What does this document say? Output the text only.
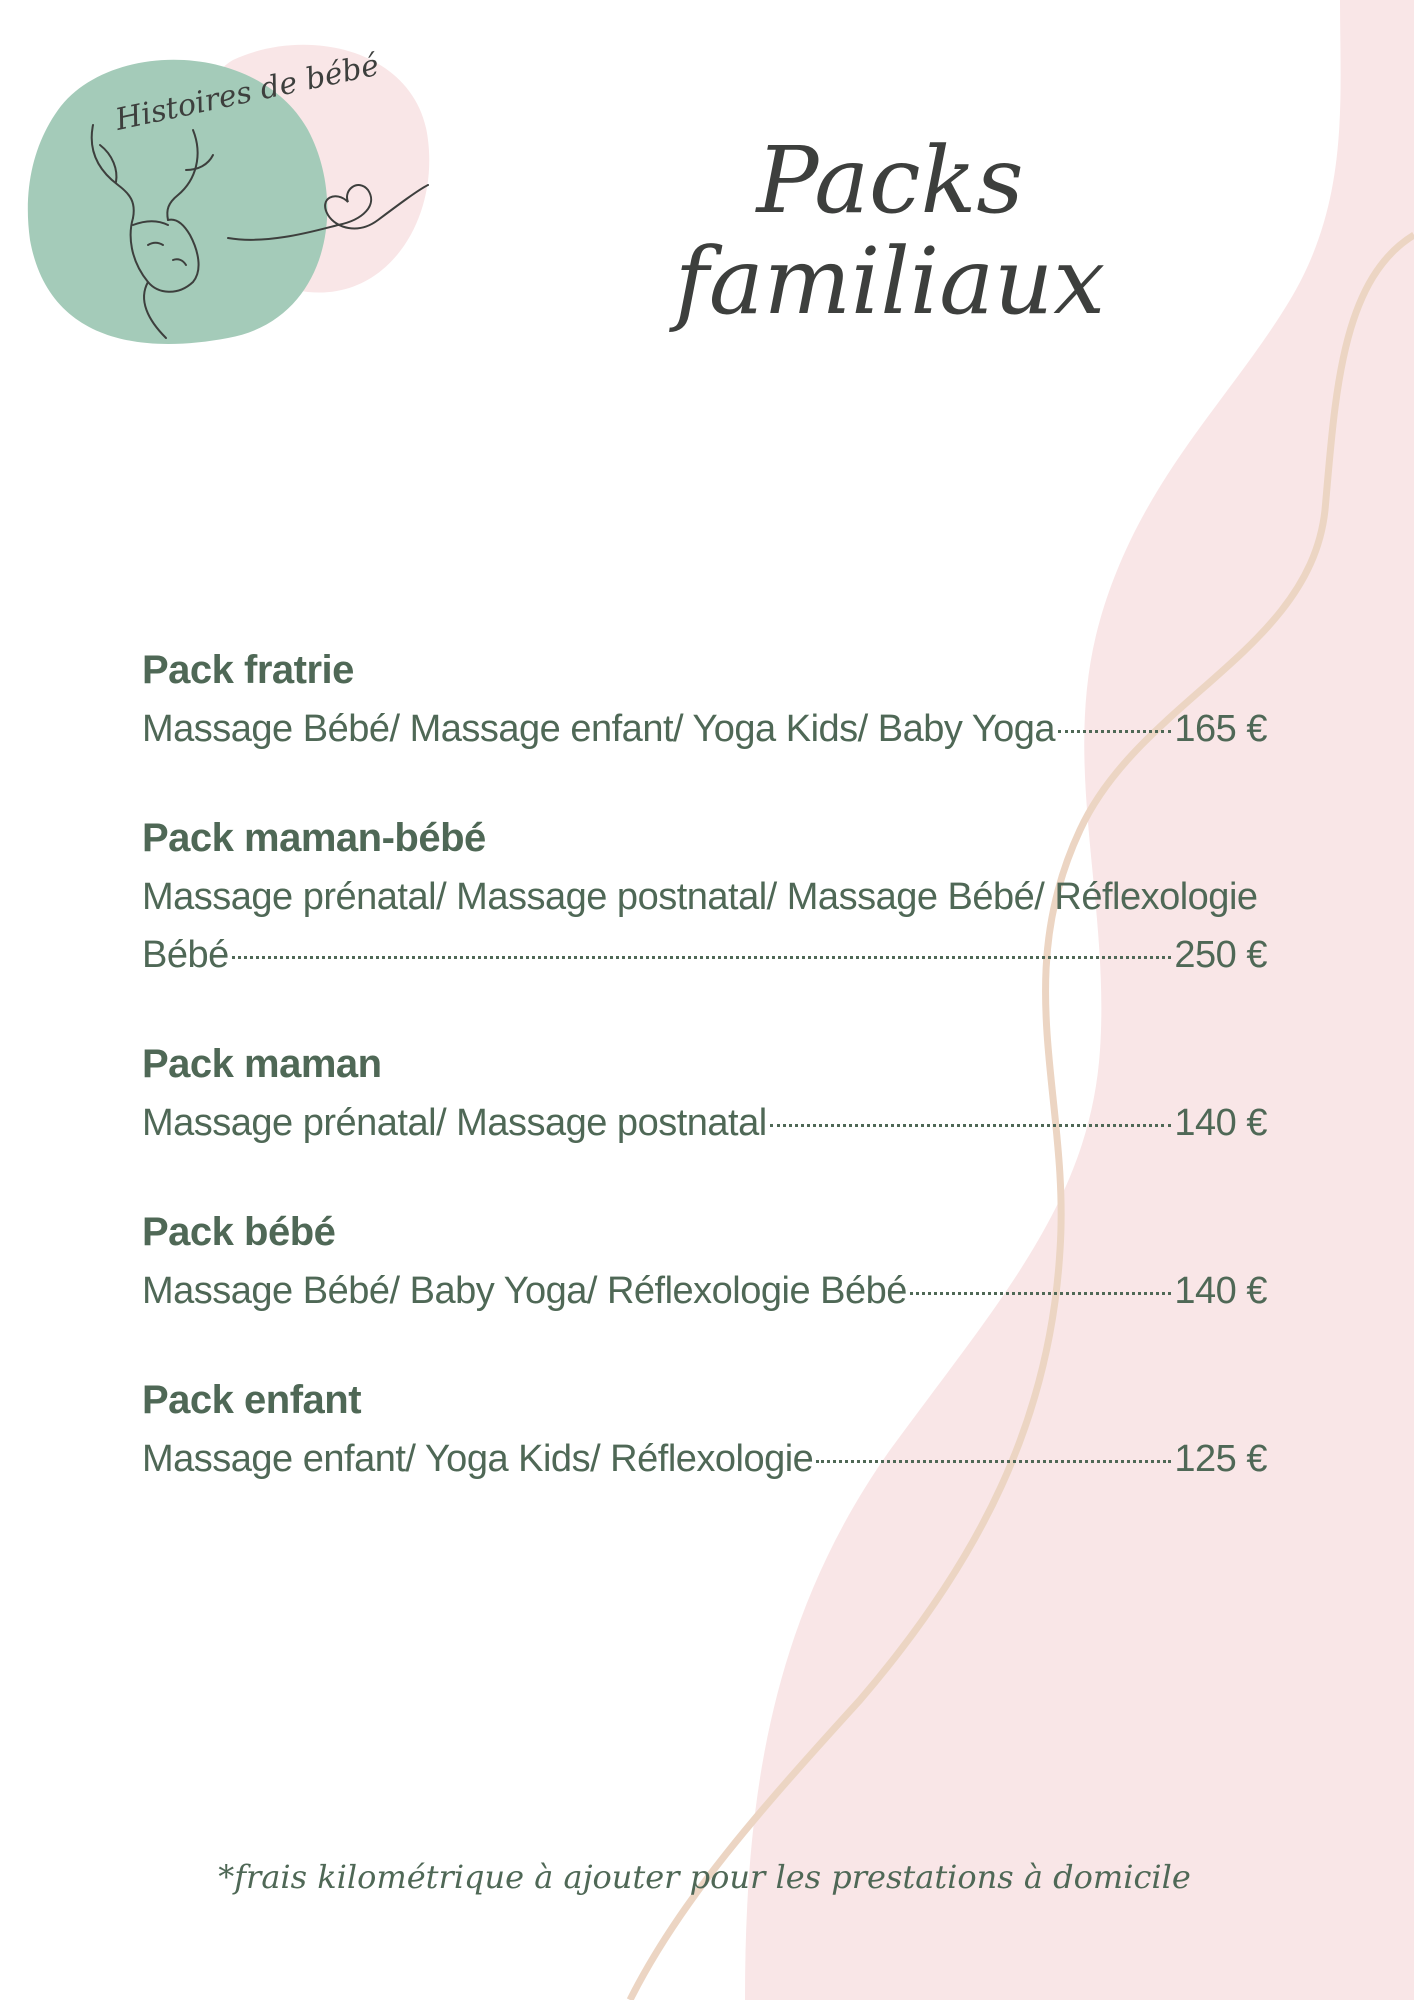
Histoires de bébé
Packs familiaux
Pack fratrie
Massage Bébé/ Massage enfant/ Yoga Kids/ Baby Yoga	165 €
Pack maman-bébé
Massage prénatal/ Massage postnatal/ Massage Bébé/ Réflexologie
Bébé	250 €
Pack maman
Massage prénatal/ Massage postnatal	140 €
Pack bébé
Massage Bébé/ Baby Yoga/ Réflexologie Bébé	140 €
Pack enfant
Massage enfant/ Yoga Kids/ Réflexologie	125 €

*frais kilométrique à ajouter pour les prestations à domicile
